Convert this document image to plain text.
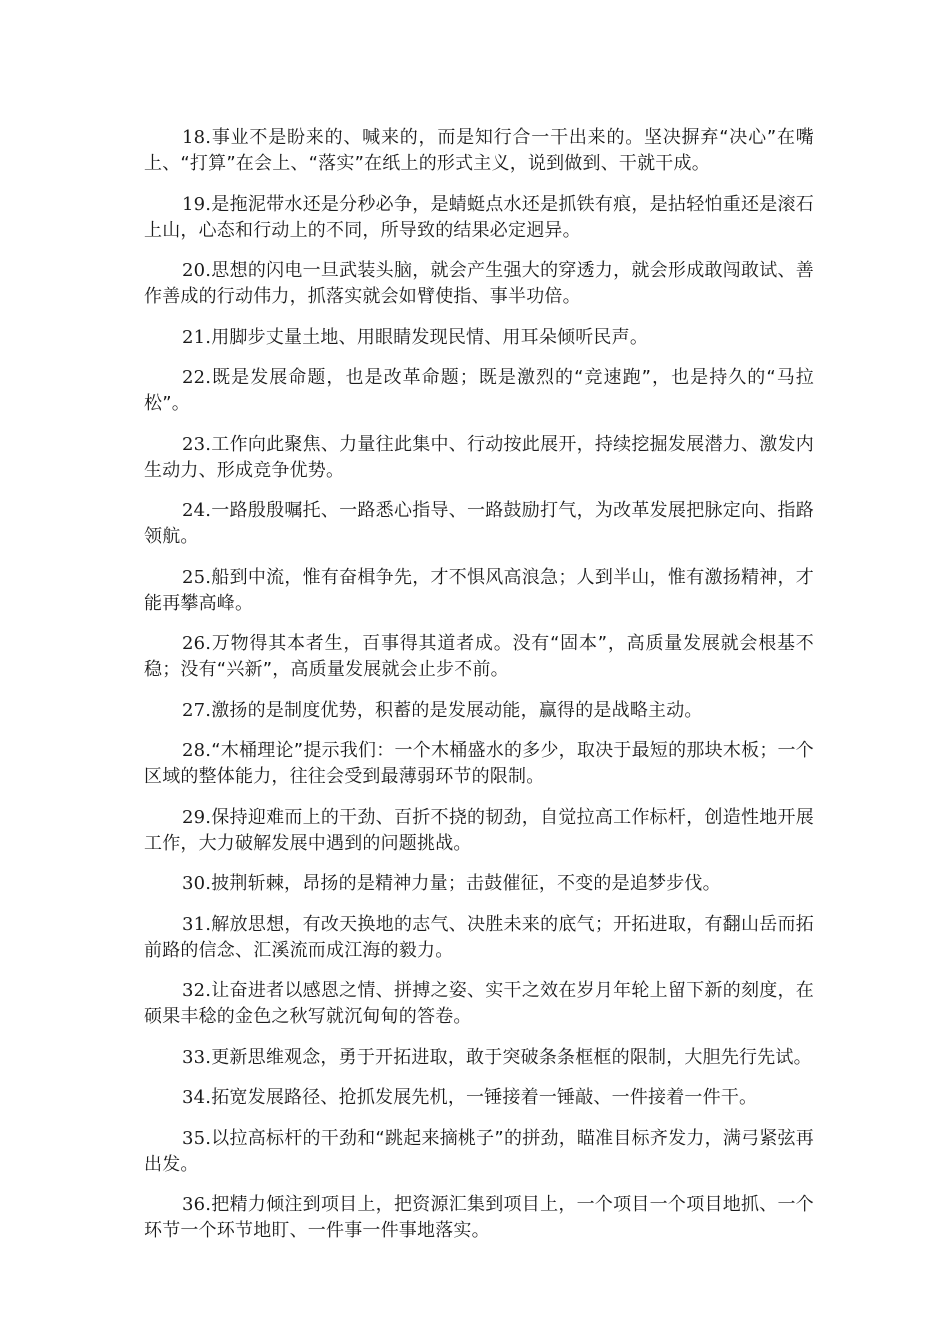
18.事业不是盼来的、喊来的，而是知行合一干出来的。坚决摒弃“决心”在嘴上、“打算”在会上、“落实”在纸上的形式主义，说到做到、干就干成。

19.是拖泥带水还是分秒必争，是蜻蜓点水还是抓铁有痕，是拈轻怕重还是滚石上山，心态和行动上的不同，所导致的结果必定迥异。

20.思想的闪电一旦武装头脑，就会产生强大的穿透力，就会形成敢闯敢试、善作善成的行动伟力，抓落实就会如臂使指、事半功倍。

21.用脚步丈量土地、用眼睛发现民情、用耳朵倾听民声。

22.既是发展命题，也是改革命题；既是激烈的“竞速跑”，也是持久的“马拉松”。

23.工作向此聚焦、力量往此集中、行动按此展开，持续挖掘发展潜力、激发内生动力、形成竞争优势。

24.一路殷殷嘱托、一路悉心指导、一路鼓励打气，为改革发展把脉定向、指路领航。

25.船到中流，惟有奋楫争先，才不惧风高浪急；人到半山，惟有激扬精神，才能再攀高峰。

26.万物得其本者生，百事得其道者成。没有“固本”，高质量发展就会根基不稳；没有“兴新”，高质量发展就会止步不前。

27.激扬的是制度优势，积蓄的是发展动能，赢得的是战略主动。

28.“木桶理论”提示我们：一个木桶盛水的多少，取决于最短的那块木板；一个区域的整体能力，往往会受到最薄弱环节的限制。

29.保持迎难而上的干劲、百折不挠的韧劲，自觉拉高工作标杆，创造性地开展工作，大力破解发展中遇到的问题挑战。

30.披荆斩棘，昂扬的是精神力量；击鼓催征，不变的是追梦步伐。

31.解放思想，有改天换地的志气、决胜未来的底气；开拓进取，有翻山岳而拓前路的信念、汇溪流而成江海的毅力。

32.让奋进者以感恩之情、拼搏之姿、实干之效在岁月年轮上留下新的刻度，在硕果丰稔的金色之秋写就沉甸甸的答卷。

33.更新思维观念，勇于开拓进取，敢于突破条条框框的限制，大胆先行先试。

34.拓宽发展路径、抢抓发展先机，一锤接着一锤敲、一件接着一件干。

35.以拉高标杆的干劲和“跳起来摘桃子”的拼劲，瞄准目标齐发力，满弓紧弦再出发。

36.把精力倾注到项目上，把资源汇集到项目上，一个项目一个项目地抓、一个环节一个环节地盯、一件事一件事地落实。
